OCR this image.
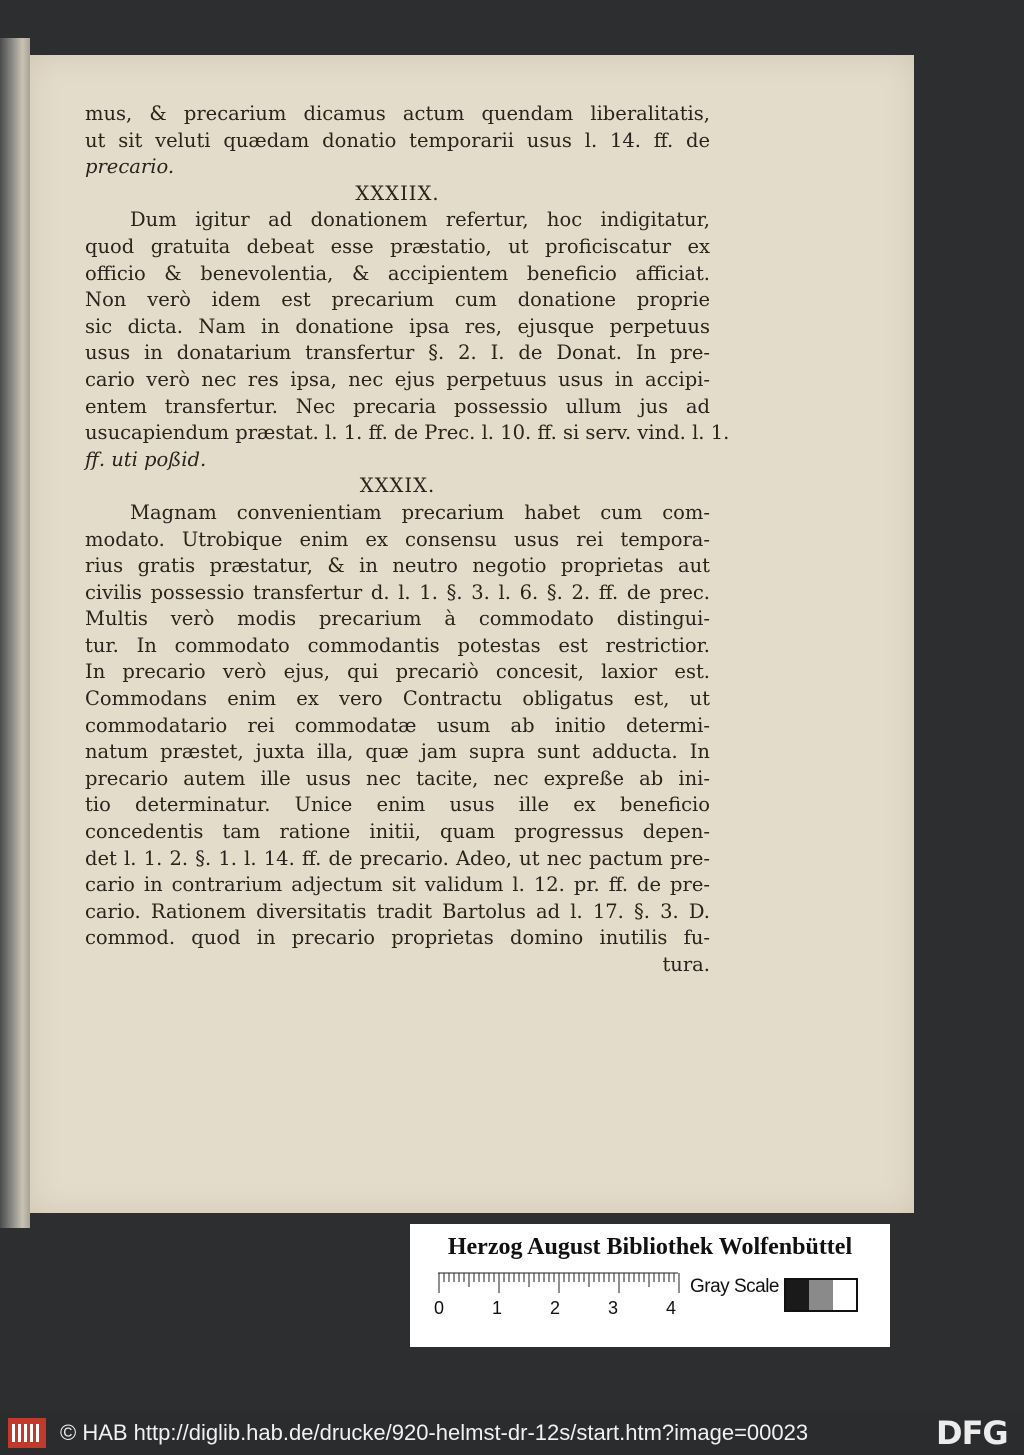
mus, & precarium dicamus actum quendam liberalitatis,
ut sit veluti quædam donatio temporarii usus l. 14. ff. de
precario.
XXXIIX.
Dum igitur ad donationem refertur, hoc indigitatur,
quod gratuita debeat esse præstatio, ut proficiscatur ex
officio & benevolentia, & accipientem beneficio afficiat.
Non verò idem est precarium cum donatione proprie
sic dicta. Nam in donatione ipsa res, ejusque perpetuus
usus in donatarium transfertur §. 2. I. de Donat. In pre-
cario verò nec res ipsa, nec ejus perpetuus usus in accipi-
entem transfertur. Nec precaria possessio ullum jus ad
usucapiendum præstat. l. 1. ff. de Prec. l. 10. ff. si serv. vind. l. 1.
ff. uti poßid.
XXXIX.
Magnam convenientiam precarium habet cum com-
modato. Utrobique enim ex consensu usus rei tempora-
rius gratis præstatur, & in neutro negotio proprietas aut
civilis possessio transfertur d. l. 1. §. 3. l. 6. §. 2. ff. de prec.
Multis verò modis precarium à commodato distingui-
tur. In commodato commodantis potestas est restrictior.
In precario verò ejus, qui precariò concesit, laxior est.
Commodans enim ex vero Contractu obligatus est, ut
commodatario rei commodatæ usum ab initio determi-
natum præstet, juxta illa, quæ jam supra sunt adducta. In
precario autem ille usus nec tacite, nec expreße ab ini-
tio determinatur. Unice enim usus ille ex beneficio
concedentis tam ratione initii, quam progressus depen-
det l. 1. 2. §. 1. l. 14. ff. de precario. Adeo, ut nec pactum pre-
cario in contrarium adjectum sit validum l. 12. pr. ff. de pre-
cario. Rationem diversitatis tradit Bartolus ad l. 17. §. 3. D.
commod. quod in precario proprietas domino inutilis fu-
tura.
Herzog August Bibliothek Wolfenbüttel
0	1	2	3	4
Gray Scale
© HAB http://diglib.hab.de/drucke/920-helmst-dr-12s/start.htm?image=00023	DFG
